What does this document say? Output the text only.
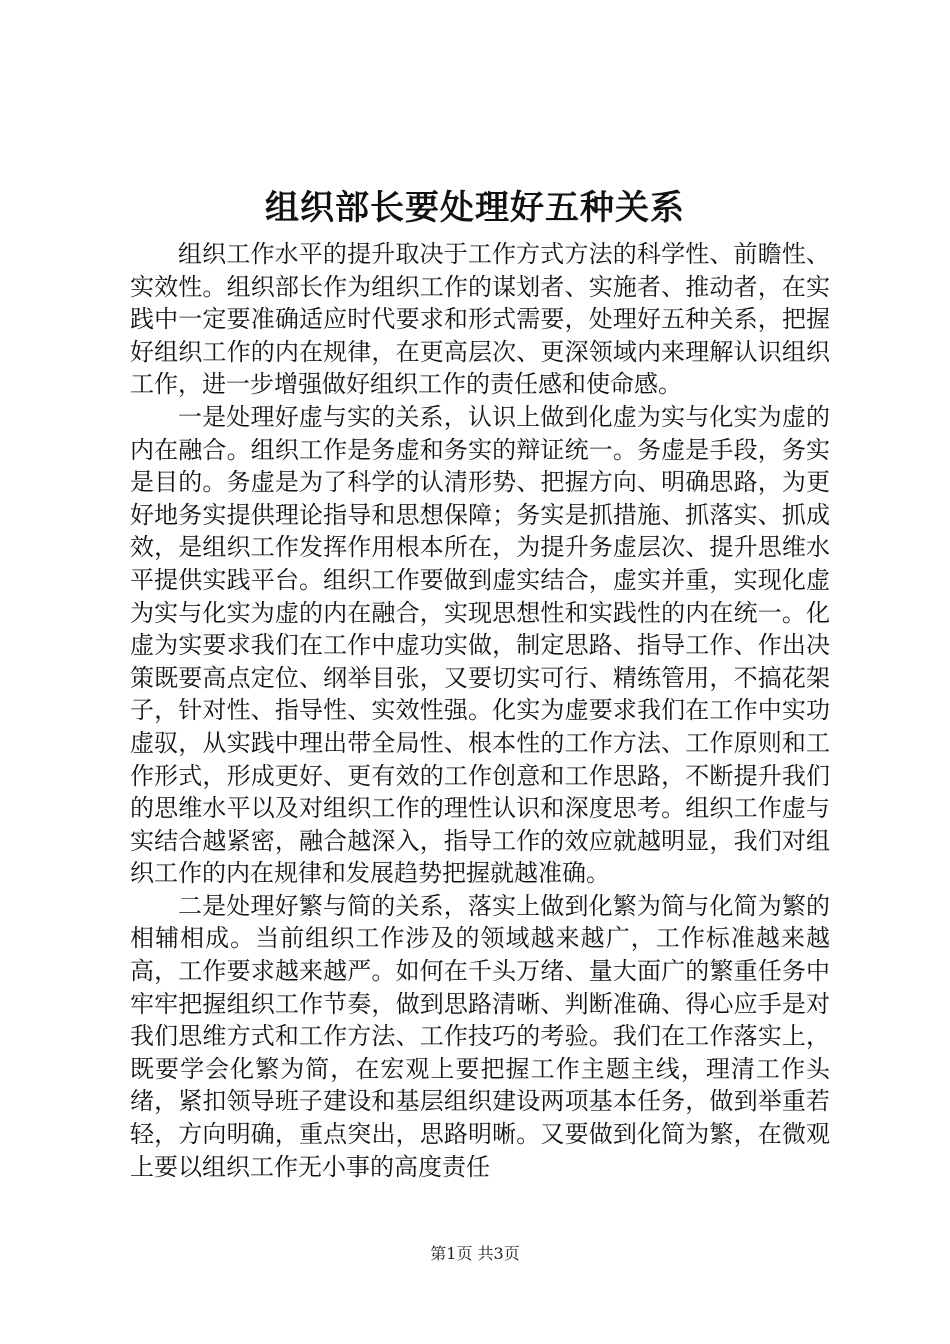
组织部长要处理好五种关系

组织工作水平的提升取决于工作方式方法的科学性、前瞻性、实效性。组织部长作为组织工作的谋划者、实施者、推动者，在实践中一定要准确适应时代要求和形式需要，处理好五种关系，把握好组织工作的内在规律，在更高层次、更深领域内来理解认识组织工作，进一步增强做好组织工作的责任感和使命感。

一是处理好虚与实的关系，认识上做到化虚为实与化实为虚的内在融合。组织工作是务虚和务实的辩证统一。务虚是手段，务实是目的。务虚是为了科学的认清形势、把握方向、明确思路，为更好地务实提供理论指导和思想保障；务实是抓措施、抓落实、抓成效，是组织工作发挥作用根本所在，为提升务虚层次、提升思维水平提供实践平台。组织工作要做到虚实结合，虚实并重，实现化虚为实与化实为虚的内在融合，实现思想性和实践性的内在统一。化虚为实要求我们在工作中虚功实做，制定思路、指导工作、作出决策既要高点定位、纲举目张，又要切实可行、精练管用，不搞花架子，针对性、指导性、实效性强。化实为虚要求我们在工作中实功虚驭，从实践中理出带全局性、根本性的工作方法、工作原则和工作形式，形成更好、更有效的工作创意和工作思路，不断提升我们的思维水平以及对组织工作的理性认识和深度思考。组织工作虚与实结合越紧密，融合越深入，指导工作的效应就越明显，我们对组织工作的内在规律和发展趋势把握就越准确。

二是处理好繁与简的关系，落实上做到化繁为简与化简为繁的相辅相成。当前组织工作涉及的领域越来越广，工作标准越来越高，工作要求越来越严。如何在千头万绪、量大面广的繁重任务中牢牢把握组织工作节奏，做到思路清晰、判断准确、得心应手是对我们思维方式和工作方法、工作技巧的考验。我们在工作落实上，既要学会化繁为简，在宏观上要把握工作主题主线，理清工作头绪，紧扣领导班子建设和基层组织建设两项基本任务，做到举重若轻，方向明确，重点突出，思路明晰。又要做到化简为繁，在微观上要以组织工作无小事的高度责任

第1页 共3页
